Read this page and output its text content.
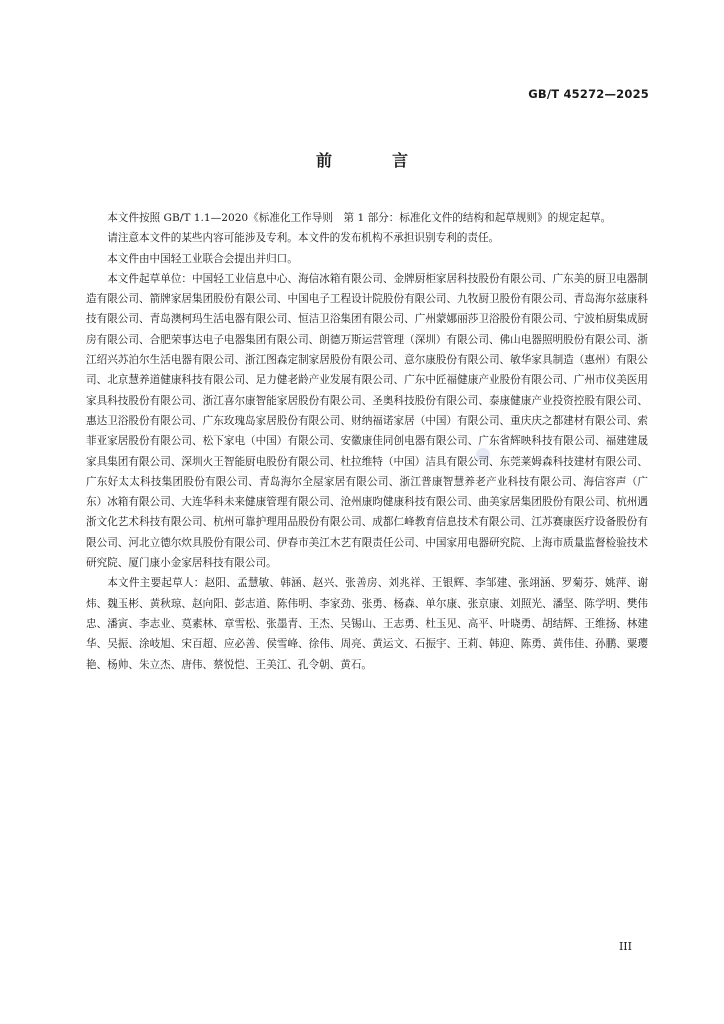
GB/T 45272—2025
前　言

本文件按照 GB/T 1.1—2020《标准化工作导则　第 1 部分：标准化文件的结构和起草规则》的规定起草。

请注意本文件的某些内容可能涉及专利。本文件的发布机构不承担识别专利的责任。

本文件由中国轻工业联合会提出并归口。

本文件起草单位：中国轻工业信息中心、海信冰箱有限公司、金牌厨柜家居科技股份有限公司、广东美的厨卫电器制造有限公司、箭牌家居集团股份有限公司、中国电子工程设计院股份有限公司、九牧厨卫股份有限公司、青岛海尔兹康科技有限公司、青岛澳柯玛生活电器有限公司、恒洁卫浴集团有限公司、广州蒙娜丽莎卫浴股份有限公司、宁波柏厨集成厨房有限公司、合肥荣事达电子电器集团有限公司、朗德万斯运营管理（深圳）有限公司、佛山电器照明股份有限公司、浙江绍兴苏泊尔生活电器有限公司、浙江图森定制家居股份有限公司、意尔康股份有限公司、敏华家具制造（惠州）有限公司、北京慧养道健康科技有限公司、足力健老龄产业发展有限公司、广东中匠福健康产业股份有限公司、广州市仪美医用家具科技股份有限公司、浙江喜尔康智能家居股份有限公司、圣奥科技股份有限公司、泰康健康产业投资控股有限公司、惠达卫浴股份有限公司、广东玫瑰岛家居股份有限公司、财纳福诺家居（中国）有限公司、重庆庆之都建材有限公司、索菲亚家居股份有限公司、松下家电（中国）有限公司、安徽康佳同创电器有限公司、广东省辉映科技有限公司、福建建晟家具集团有限公司、深圳火王智能厨电股份有限公司、杜拉维特（中国）洁具有限公司、东莞莱姆森科技建材有限公司、广东好太太科技集团股份有限公司、青岛海尔全屋家居有限公司、浙江普康智慧养老产业科技有限公司、海信容声（广东）冰箱有限公司、大连华科未来健康管理有限公司、沧州康昀健康科技有限公司、曲美家居集团股份有限公司、杭州遇浙文化艺术科技有限公司、杭州可靠护理用品股份有限公司、成都仁峰教育信息技术有限公司、江苏赛康医疗设备股份有限公司、河北立德尔炊具股份有限公司、伊春市美江木艺有限责任公司、中国家用电器研究院、上海市质量监督检验技术研究院、厦门康小金家居科技有限公司。

本文件主要起草人：赵阳、孟慧敏、韩涵、赵兴、张善房、刘兆祥、王银辉、李邹建、张翊涵、罗菊芬、姚萍、谢炜、魏玉彬、黄秋琼、赵向阳、彭志道、陈伟明、李家劲、张勇、杨森、单尔康、张京康、刘照光、潘坚、陈学明、樊伟忠、潘寅、李志业、莫素林、章雪松、张墨青、王杰、吴锡山、王志勇、杜玉见、高平、叶晓勇、胡结辉、王维扬、林建华、吴振、涂岐旭、宋百超、应必善、侯雪峰、徐伟、周亮、黄运文、石振宇、王莉、韩迎、陈勇、黄伟佳、孙鹏、粟璎艳、杨帅、朱立杰、唐伟、蔡悦恺、王美江、孔令朝、黄石。

III
